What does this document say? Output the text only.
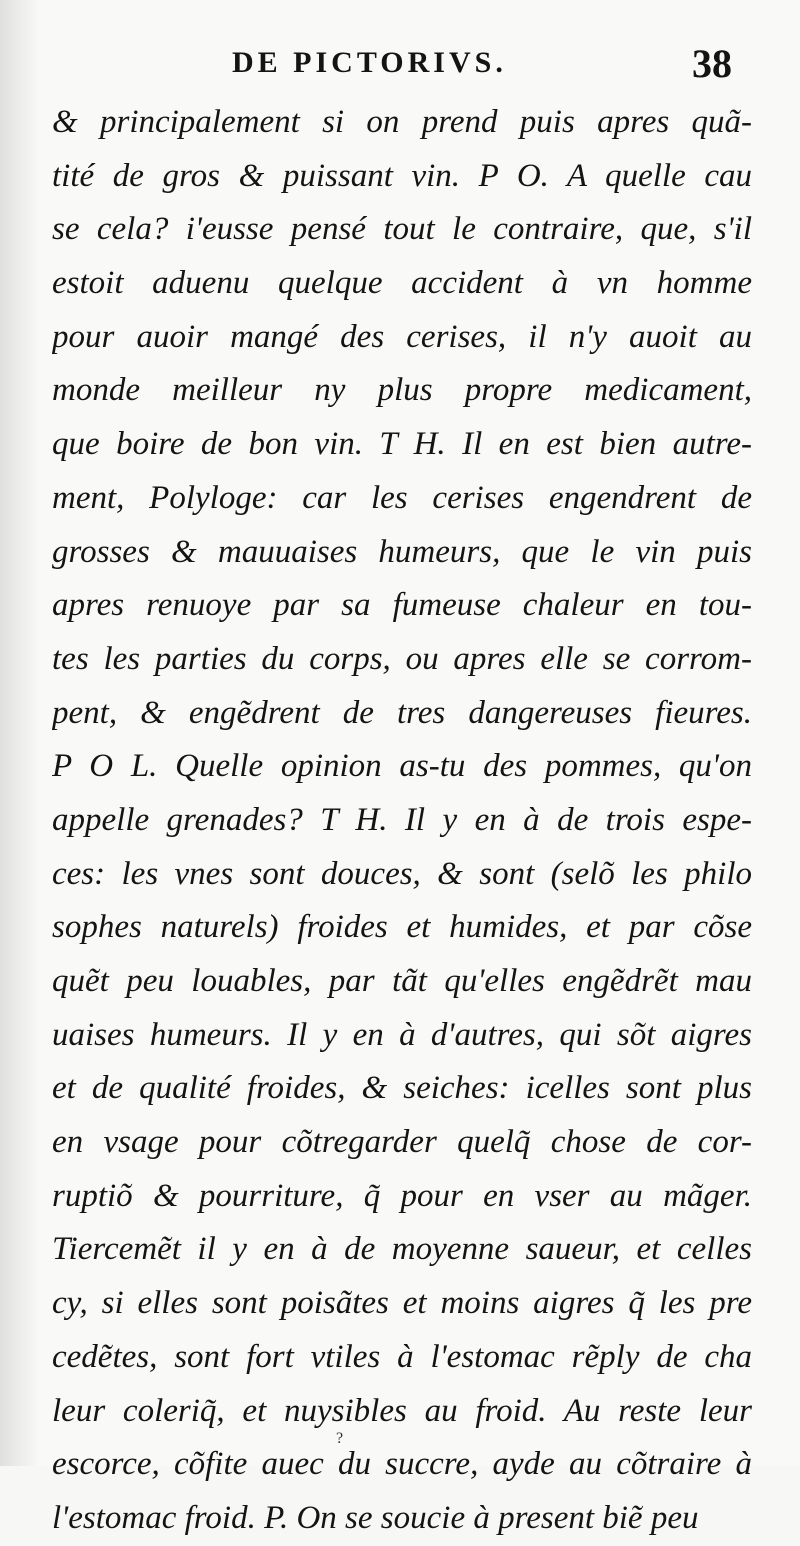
DE PICTORIVS.	38
& principalement si on prend puis apres quã-
tité de gros & puissant vin. P O. A quelle cau
se cela? i'eusse pensé tout le contraire, que, s'il
estoit aduenu quelque accident à vn homme
pour auoir mangé des cerises, il n'y auoit au
monde meilleur ny plus propre medicament,
que boire de bon vin. T H. Il en est bien autre-
ment, Polyloge: car les cerises engendrent de
grosses & mauuaises humeurs, que le vin puis
apres renuoye par sa fumeuse chaleur en tou-
tes les parties du corps, ou apres elle se corrom-
pent, & engẽdrent de tres dangereuses fieures.
P O L. Quelle opinion as-tu des pommes, qu'on
appelle grenades? T H. Il y en à de trois espe-
ces: les vnes sont douces, & sont (selõ les philo
sophes naturels) froides et humides, et par cõse
quẽt peu louables, par tãt qu'elles engẽdrẽt mau
uaises humeurs. Il y en à d'autres, qui sõt aigres
et de qualité froides, & seiches: icelles sont plus
en vsage pour cõtregarder quelq̃ chose de cor-
ruptiõ & pourriture, q̃ pour en vser au mãger.
Tiercemẽt il y en à de moyenne saueur, et celles
cy, si elles sont poisãtes et moins aigres q̃ les pre
cedẽtes, sont fort vtiles à l'estomac rẽply de cha
leur coleriq̃, et nuysibles au froid. Au reste leur
escorce, cõfite auec du succre, ayde au cõtraire à
l'estomac froid. P. On se soucie à present biẽ peu
?
